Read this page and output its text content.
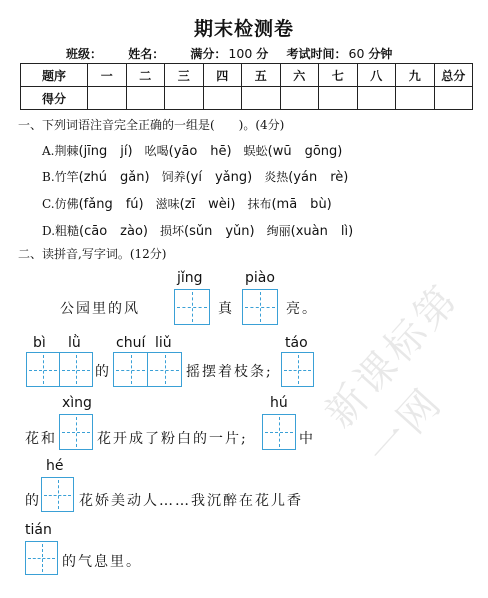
期末检测卷
班级： 姓名： 满分： 100 分 考试时间： 60 分钟
题序	一	二	三	四	五	六	七	八	九	总分
得分										
新课标第一网
一、下列词语注音完全正确的一组是(　　)。(4分)
A.荆棘(jīng　jí)　 吆喝(yāo　hē)　 蜈蚣(wū　gōng)
B.竹竿(zhú　gǎn)　 饲养(yí　yǎng)　 炎热(yán　rè)
C.仿佛(fǎng　fú)　 滋味(zī　wèi)　 抹布(mā　bù)
D.粗糙(cāo　zào)　 损坏(sǔn　yǔn)　 绚丽(xuàn　lì)
二、读拼音,写字词。(12分)
jǐng	piào
公园里的风	真	亮。
bì lǜ	chuí liǔ	táo
的	摇摆着枝条;
xìng	hú
花和	花开成了粉白的一片;	中
hé
的	花娇美动人……我沉醉在花儿香
tián
的气息里。
